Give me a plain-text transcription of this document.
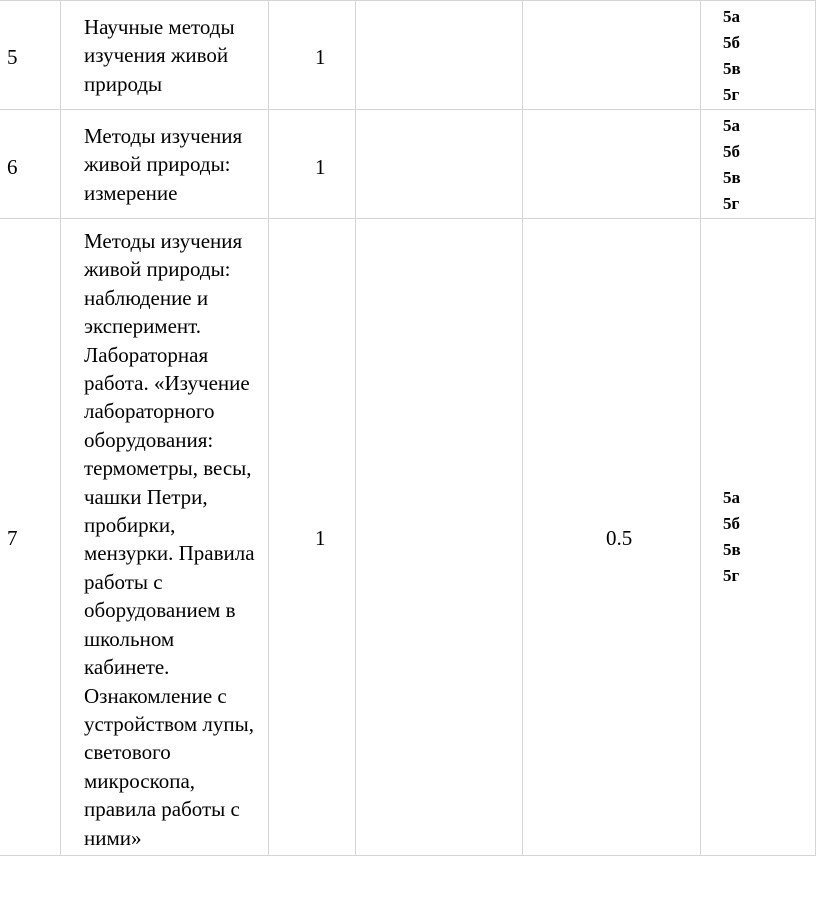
5
Научные методы
изучения живой
природы
1
5а
5б
5в
5г
6
Методы изучения
живой природы:
измерение
1
5а
5б
5в
5г
7
Методы изучения
живой природы:
наблюдение и
эксперимент.
Лабораторная
работа. «Изучение
лабораторного
оборудования:
термометры, весы,
чашки Петри,
пробирки,
мензурки. Правила
работы с
оборудованием в
школьном
кабинете.
Ознакомление с
устройством лупы,
светового
микроскопа,
правила работы с
ними»
1	0.5
5а
5б
5в
5г
